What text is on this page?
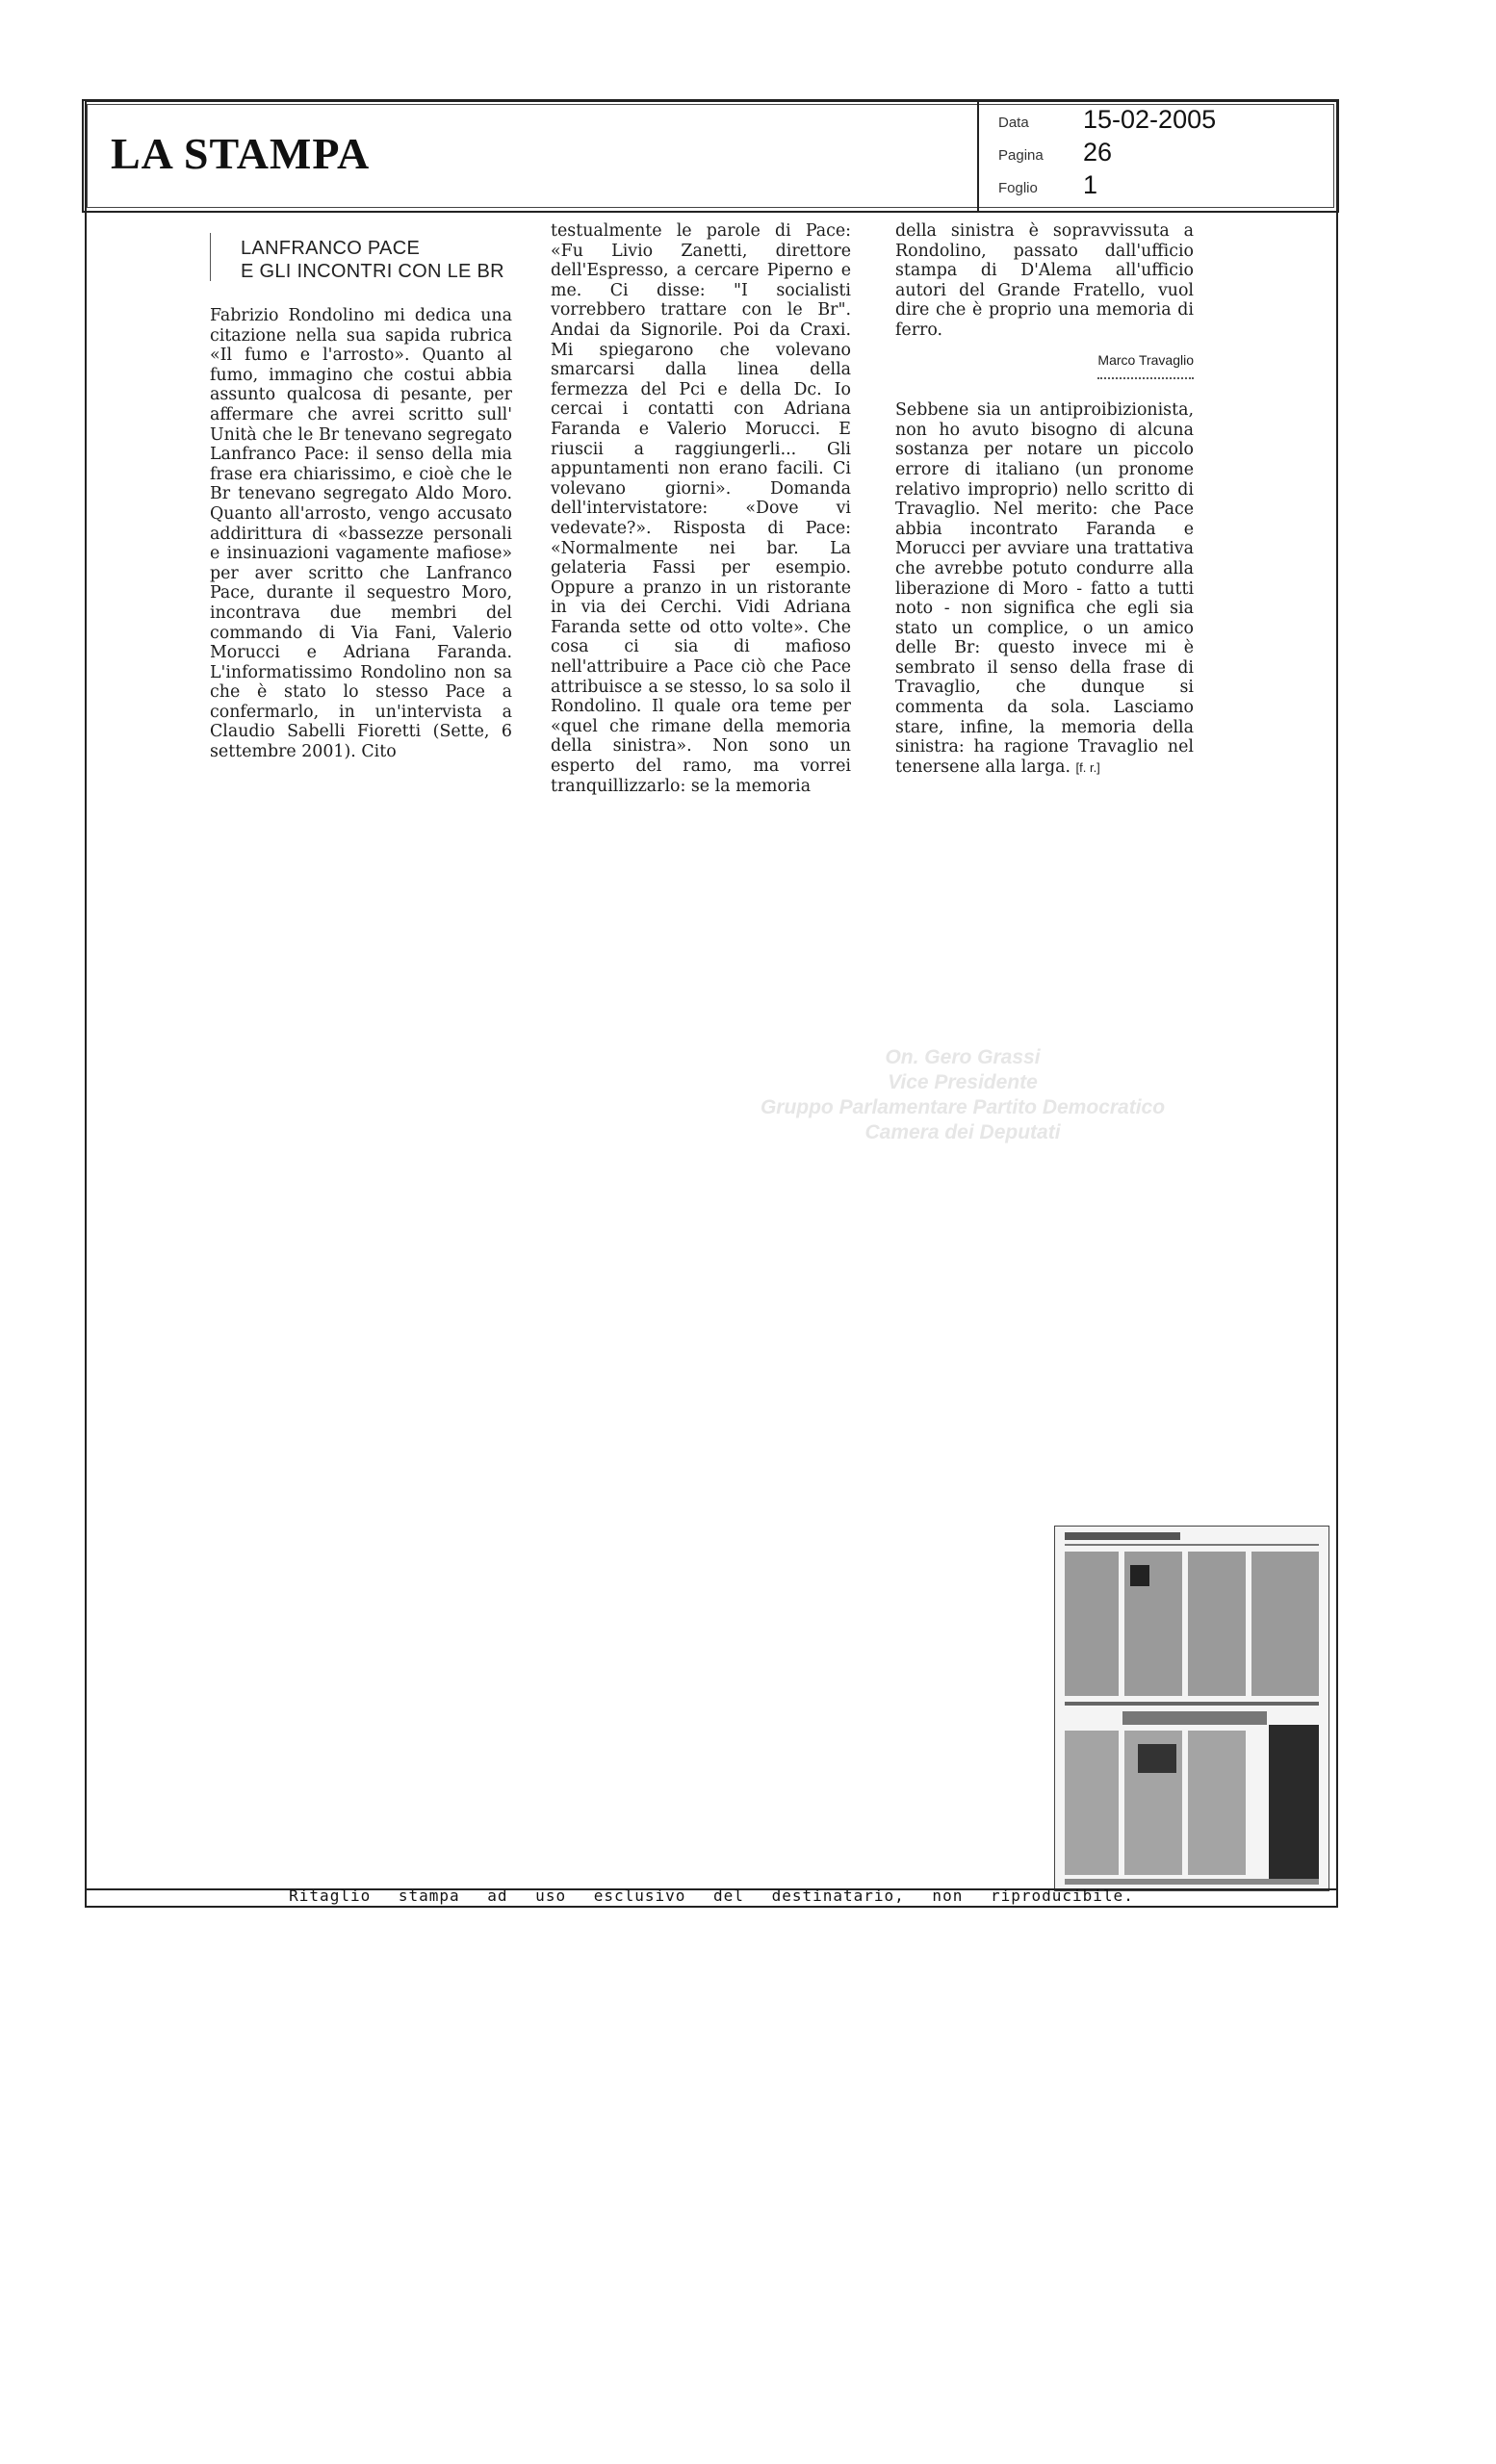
LA STAMPA
Data 15-02-2005
Pagina 26
Foglio 1
LANFRANCO PACE
E GLI INCONTRI CON LE BR

Fabrizio Rondolino mi dedica una citazione nella sua sapida rubrica «Il fumo e l'arrosto». Quanto al fumo, immagino che costui abbia assunto qualcosa di pesante, per affermare che avrei scritto sull' Unità che le Br tenevano segregato Lanfranco Pace: il senso della mia frase era chiarissimo, e cioè che le Br tenevano segregato Aldo Moro. Quanto all'arrosto, vengo accusato addirittura di «bassezze personali e insinuazioni vagamente mafiose» per aver scritto che Lanfranco Pace, durante il sequestro Moro, incontrava due membri del commando di Via Fani, Valerio Morucci e Adriana Faranda. L'informatissimo Rondolino non sa che è stato lo stesso Pace a confermarlo, in un'intervista a Claudio Sabelli Fioretti (Sette, 6 settembre 2001). Cito

testualmente le parole di Pace: «Fu Livio Zanetti, direttore dell'Espresso, a cercare Piperno e me. Ci disse: "I socialisti vorrebbero trattare con le Br". Andai da Signorile. Poi da Craxi. Mi spiegarono che volevano smarcarsi dalla linea della fermezza del Pci e della Dc. Io cercai i contatti con Adriana Faranda e Valerio Morucci. E riuscii a raggiungerli... Gli appuntamenti non erano facili. Ci volevano giorni». Domanda dell'intervistatore: «Dove vi vedevate?». Risposta di Pace: «Normalmente nei bar. La gelateria Fassi per esempio. Oppure a pranzo in un ristorante in via dei Cerchi. Vidi Adriana Faranda sette od otto volte». Che cosa ci sia di mafioso nell'attribuire a Pace ciò che Pace attribuisce a se stesso, lo sa solo il Rondolino. Il quale ora teme per «quel che rimane della memoria della sinistra». Non sono un esperto del ramo, ma vorrei tranquillizzarlo: se la memoria

della sinistra è sopravvissuta a Rondolino, passato dall'ufficio stampa di D'Alema all'ufficio autori del Grande Fratello, vuol dire che è proprio una memoria di ferro.

Marco Travaglio

Sebbene sia un antiproibizionista, non ho avuto bisogno di alcuna sostanza per notare un piccolo errore di italiano (un pronome relativo improprio) nello scritto di Travaglio. Nel merito: che Pace abbia incontrato Faranda e Morucci per avviare una trattativa che avrebbe potuto condurre alla liberazione di Moro - fatto a tutti noto - non significa che egli sia stato un complice, o un amico delle Br: questo invece mi è sembrato il senso della frase di Travaglio, che dunque si commenta da sola. Lasciamo stare, infine, la memoria della sinistra: ha ragione Travaglio nel tenersene alla larga. [f. r.]

On. Gero Grassi
Vice Presidente
Gruppo Parlamentare Partito Democratico
Camera dei Deputati
Ritaglio stampa ad uso esclusivo del destinatario, non riproducibile.
